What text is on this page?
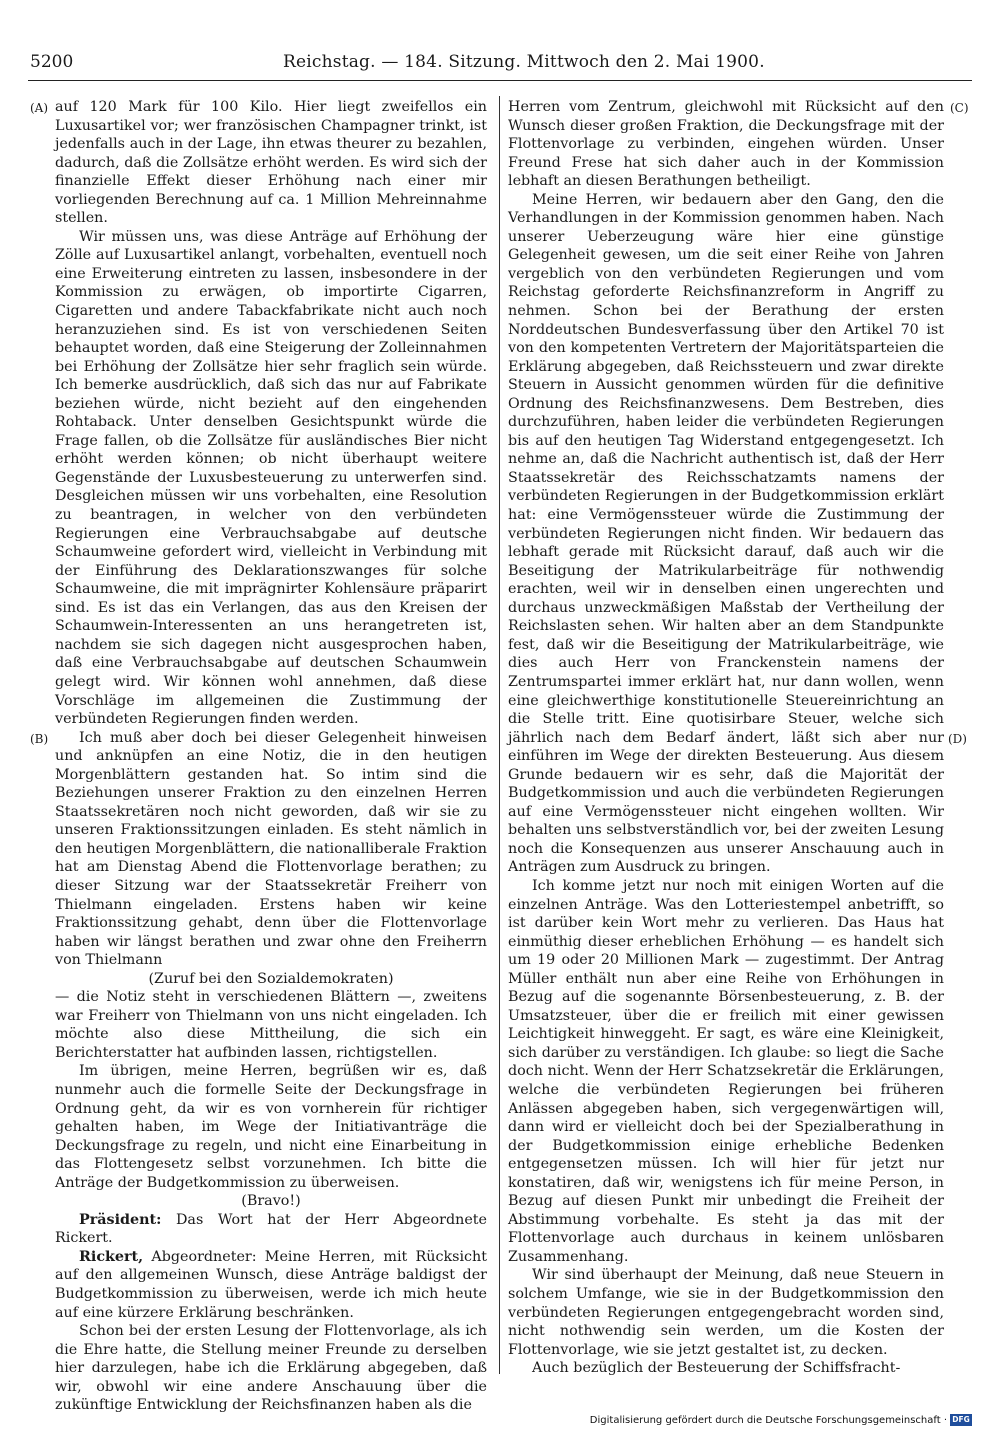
5200	Reichstag. — 184. Sitzung. Mittwoch den 2. Mai 1900.
(A)
(B)
(C)
(D)

auf 120 Mark für 100 Kilo. Hier liegt zweifellos ein Luxusartikel vor; wer französischen Champagner trinkt, ist jedenfalls auch in der Lage, ihn etwas theurer zu bezahlen, dadurch, daß die Zollsätze erhöht werden. Es wird sich der finanzielle Effekt dieser Erhöhung nach einer mir vorliegenden Berechnung auf ca. 1 Million Mehreinnahme stellen.

Wir müssen uns, was diese Anträge auf Erhöhung der Zölle auf Luxusartikel anlangt, vorbehalten, eventuell noch eine Erweiterung eintreten zu lassen, insbesondere in der Kommission zu erwägen, ob importirte Cigarren, Cigaretten und andere Tabackfabrikate nicht auch noch heranzuziehen sind. Es ist von verschiedenen Seiten behauptet worden, daß eine Steigerung der Zolleinnahmen bei Erhöhung der Zollsätze hier sehr fraglich sein würde. Ich bemerke ausdrücklich, daß sich das nur auf Fabrikate beziehen würde, nicht bezieht auf den eingehenden Rohtaback. Unter denselben Gesichtspunkt würde die Frage fallen, ob die Zollsätze für ausländisches Bier nicht erhöht werden können; ob nicht überhaupt weitere Gegenstände der Luxusbesteuerung zu unterwerfen sind. Desgleichen müssen wir uns vorbehalten, eine Resolution zu beantragen, in welcher von den verbündeten Regierungen eine Verbrauchsabgabe auf deutsche Schaumweine gefordert wird, vielleicht in Verbindung mit der Einführung des Deklarationszwanges für solche Schaumweine, die mit imprägnirter Kohlensäure präparirt sind. Es ist das ein Verlangen, das aus den Kreisen der Schaumwein-Interessenten an uns herangetreten ist, nachdem sie sich dagegen nicht ausgesprochen haben, daß eine Verbrauchsabgabe auf deutschen Schaumwein gelegt wird. Wir können wohl annehmen, daß diese Vorschläge im allgemeinen die Zustimmung der verbündeten Regierungen finden werden.

Ich muß aber doch bei dieser Gelegenheit hinweisen und anknüpfen an eine Notiz, die in den heutigen Morgenblättern gestanden hat. So intim sind die Beziehungen unserer Fraktion zu den einzelnen Herren Staatssekretären noch nicht geworden, daß wir sie zu unseren Fraktionssitzungen einladen. Es steht nämlich in den heutigen Morgenblättern, die nationalliberale Fraktion hat am Dienstag Abend die Flottenvorlage berathen; zu dieser Sitzung war der Staatssekretär Freiherr von Thielmann eingeladen. Erstens haben wir keine Fraktionssitzung gehabt, denn über die Flottenvorlage haben wir längst berathen und zwar ohne den Freiherrn von Thielmann

(Zuruf bei den Sozialdemokraten)

— die Notiz steht in verschiedenen Blättern —, zweitens war Freiherr von Thielmann von uns nicht eingeladen. Ich möchte also diese Mittheilung, die sich ein Berichterstatter hat aufbinden lassen, richtigstellen.

Im übrigen, meine Herren, begrüßen wir es, daß nunmehr auch die formelle Seite der Deckungsfrage in Ordnung geht, da wir es von vornherein für richtiger gehalten haben, im Wege der Initiativanträge die Deckungsfrage zu regeln, und nicht eine Einarbeitung in das Flottengesetz selbst vorzunehmen. Ich bitte die Anträge der Budgetkommission zu überweisen.

(Bravo!)

Präsident: Das Wort hat der Herr Abgeordnete Rickert.

Rickert, Abgeordneter: Meine Herren, mit Rücksicht auf den allgemeinen Wunsch, diese Anträge baldigst der Budgetkommission zu überweisen, werde ich mich heute auf eine kürzere Erklärung beschränken.

Schon bei der ersten Lesung der Flottenvorlage, als ich die Ehre hatte, die Stellung meiner Freunde zu derselben hier darzulegen, habe ich die Erklärung abgegeben, daß wir, obwohl wir eine andere Anschauung über die zukünftige Entwicklung der Reichsfinanzen haben als die

Herren vom Zentrum, gleichwohl mit Rücksicht auf den Wunsch dieser großen Fraktion, die Deckungsfrage mit der Flottenvorlage zu verbinden, eingehen würden. Unser Freund Frese hat sich daher auch in der Kommission lebhaft an diesen Berathungen betheiligt.

Meine Herren, wir bedauern aber den Gang, den die Verhandlungen in der Kommission genommen haben. Nach unserer Ueberzeugung wäre hier eine günstige Gelegenheit gewesen, um die seit einer Reihe von Jahren vergeblich von den verbündeten Regierungen und vom Reichstag geforderte Reichsfinanzreform in Angriff zu nehmen. Schon bei der Berathung der ersten Norddeutschen Bundesverfassung über den Artikel 70 ist von den kompetenten Vertretern der Majoritätsparteien die Erklärung abgegeben, daß Reichssteuern und zwar direkte Steuern in Aussicht genommen würden für die definitive Ordnung des Reichsfinanzwesens. Dem Bestreben, dies durchzuführen, haben leider die verbündeten Regierungen bis auf den heutigen Tag Widerstand entgegengesetzt. Ich nehme an, daß die Nachricht authentisch ist, daß der Herr Staatssekretär des Reichsschatzamts namens der verbündeten Regierungen in der Budgetkommission erklärt hat: eine Vermögenssteuer würde die Zustimmung der verbündeten Regierungen nicht finden. Wir bedauern das lebhaft gerade mit Rücksicht darauf, daß auch wir die Beseitigung der Matrikularbeiträge für nothwendig erachten, weil wir in denselben einen ungerechten und durchaus unzweckmäßigen Maßstab der Vertheilung der Reichslasten sehen. Wir halten aber an dem Standpunkte fest, daß wir die Beseitigung der Matrikularbeiträge, wie dies auch Herr von Franckenstein namens der Zentrumspartei immer erklärt hat, nur dann wollen, wenn eine gleichwerthige konstitutionelle Steuereinrichtung an die Stelle tritt. Eine quotisirbare Steuer, welche sich jährlich nach dem Bedarf ändert, läßt sich aber nur einführen im Wege der direkten Besteuerung. Aus diesem Grunde bedauern wir es sehr, daß die Majorität der Budgetkommission und auch die verbündeten Regierungen auf eine Vermögenssteuer nicht eingehen wollten. Wir behalten uns selbstverständlich vor, bei der zweiten Lesung noch die Konsequenzen aus unserer Anschauung auch in Anträgen zum Ausdruck zu bringen.

Ich komme jetzt nur noch mit einigen Worten auf die einzelnen Anträge. Was den Lotteriestempel anbetrifft, so ist darüber kein Wort mehr zu verlieren. Das Haus hat einmüthig dieser erheblichen Erhöhung — es handelt sich um 19 oder 20 Millionen Mark — zugestimmt. Der Antrag Müller enthält nun aber eine Reihe von Erhöhungen in Bezug auf die sogenannte Börsenbesteuerung, z. B. der Umsatzsteuer, über die er freilich mit einer gewissen Leichtigkeit hinweggeht. Er sagt, es wäre eine Kleinigkeit, sich darüber zu verständigen. Ich glaube: so liegt die Sache doch nicht. Wenn der Herr Schatzsekretär die Erklärungen, welche die verbündeten Regierungen bei früheren Anlässen abgegeben haben, sich vergegenwärtigen will, dann wird er vielleicht doch bei der Spezialberathung in der Budgetkommission einige erhebliche Bedenken entgegensetzen müssen. Ich will hier für jetzt nur konstatiren, daß wir, wenigstens ich für meine Person, in Bezug auf diesen Punkt mir unbedingt die Freiheit der Abstimmung vorbehalte. Es steht ja das mit der Flottenvorlage auch durchaus in keinem unlösbaren Zusammenhang.

Wir sind überhaupt der Meinung, daß neue Steuern in solchem Umfange, wie sie in der Budgetkommission den verbündeten Regierungen entgegengebracht worden sind, nicht nothwendig sein werden, um die Kosten der Flottenvorlage, wie sie jetzt gestaltet ist, zu decken.

Auch bezüglich der Besteuerung der Schiffsfracht-

Digitalisierung gefördert durch die Deutsche Forschungsgemeinschaft · DFG
